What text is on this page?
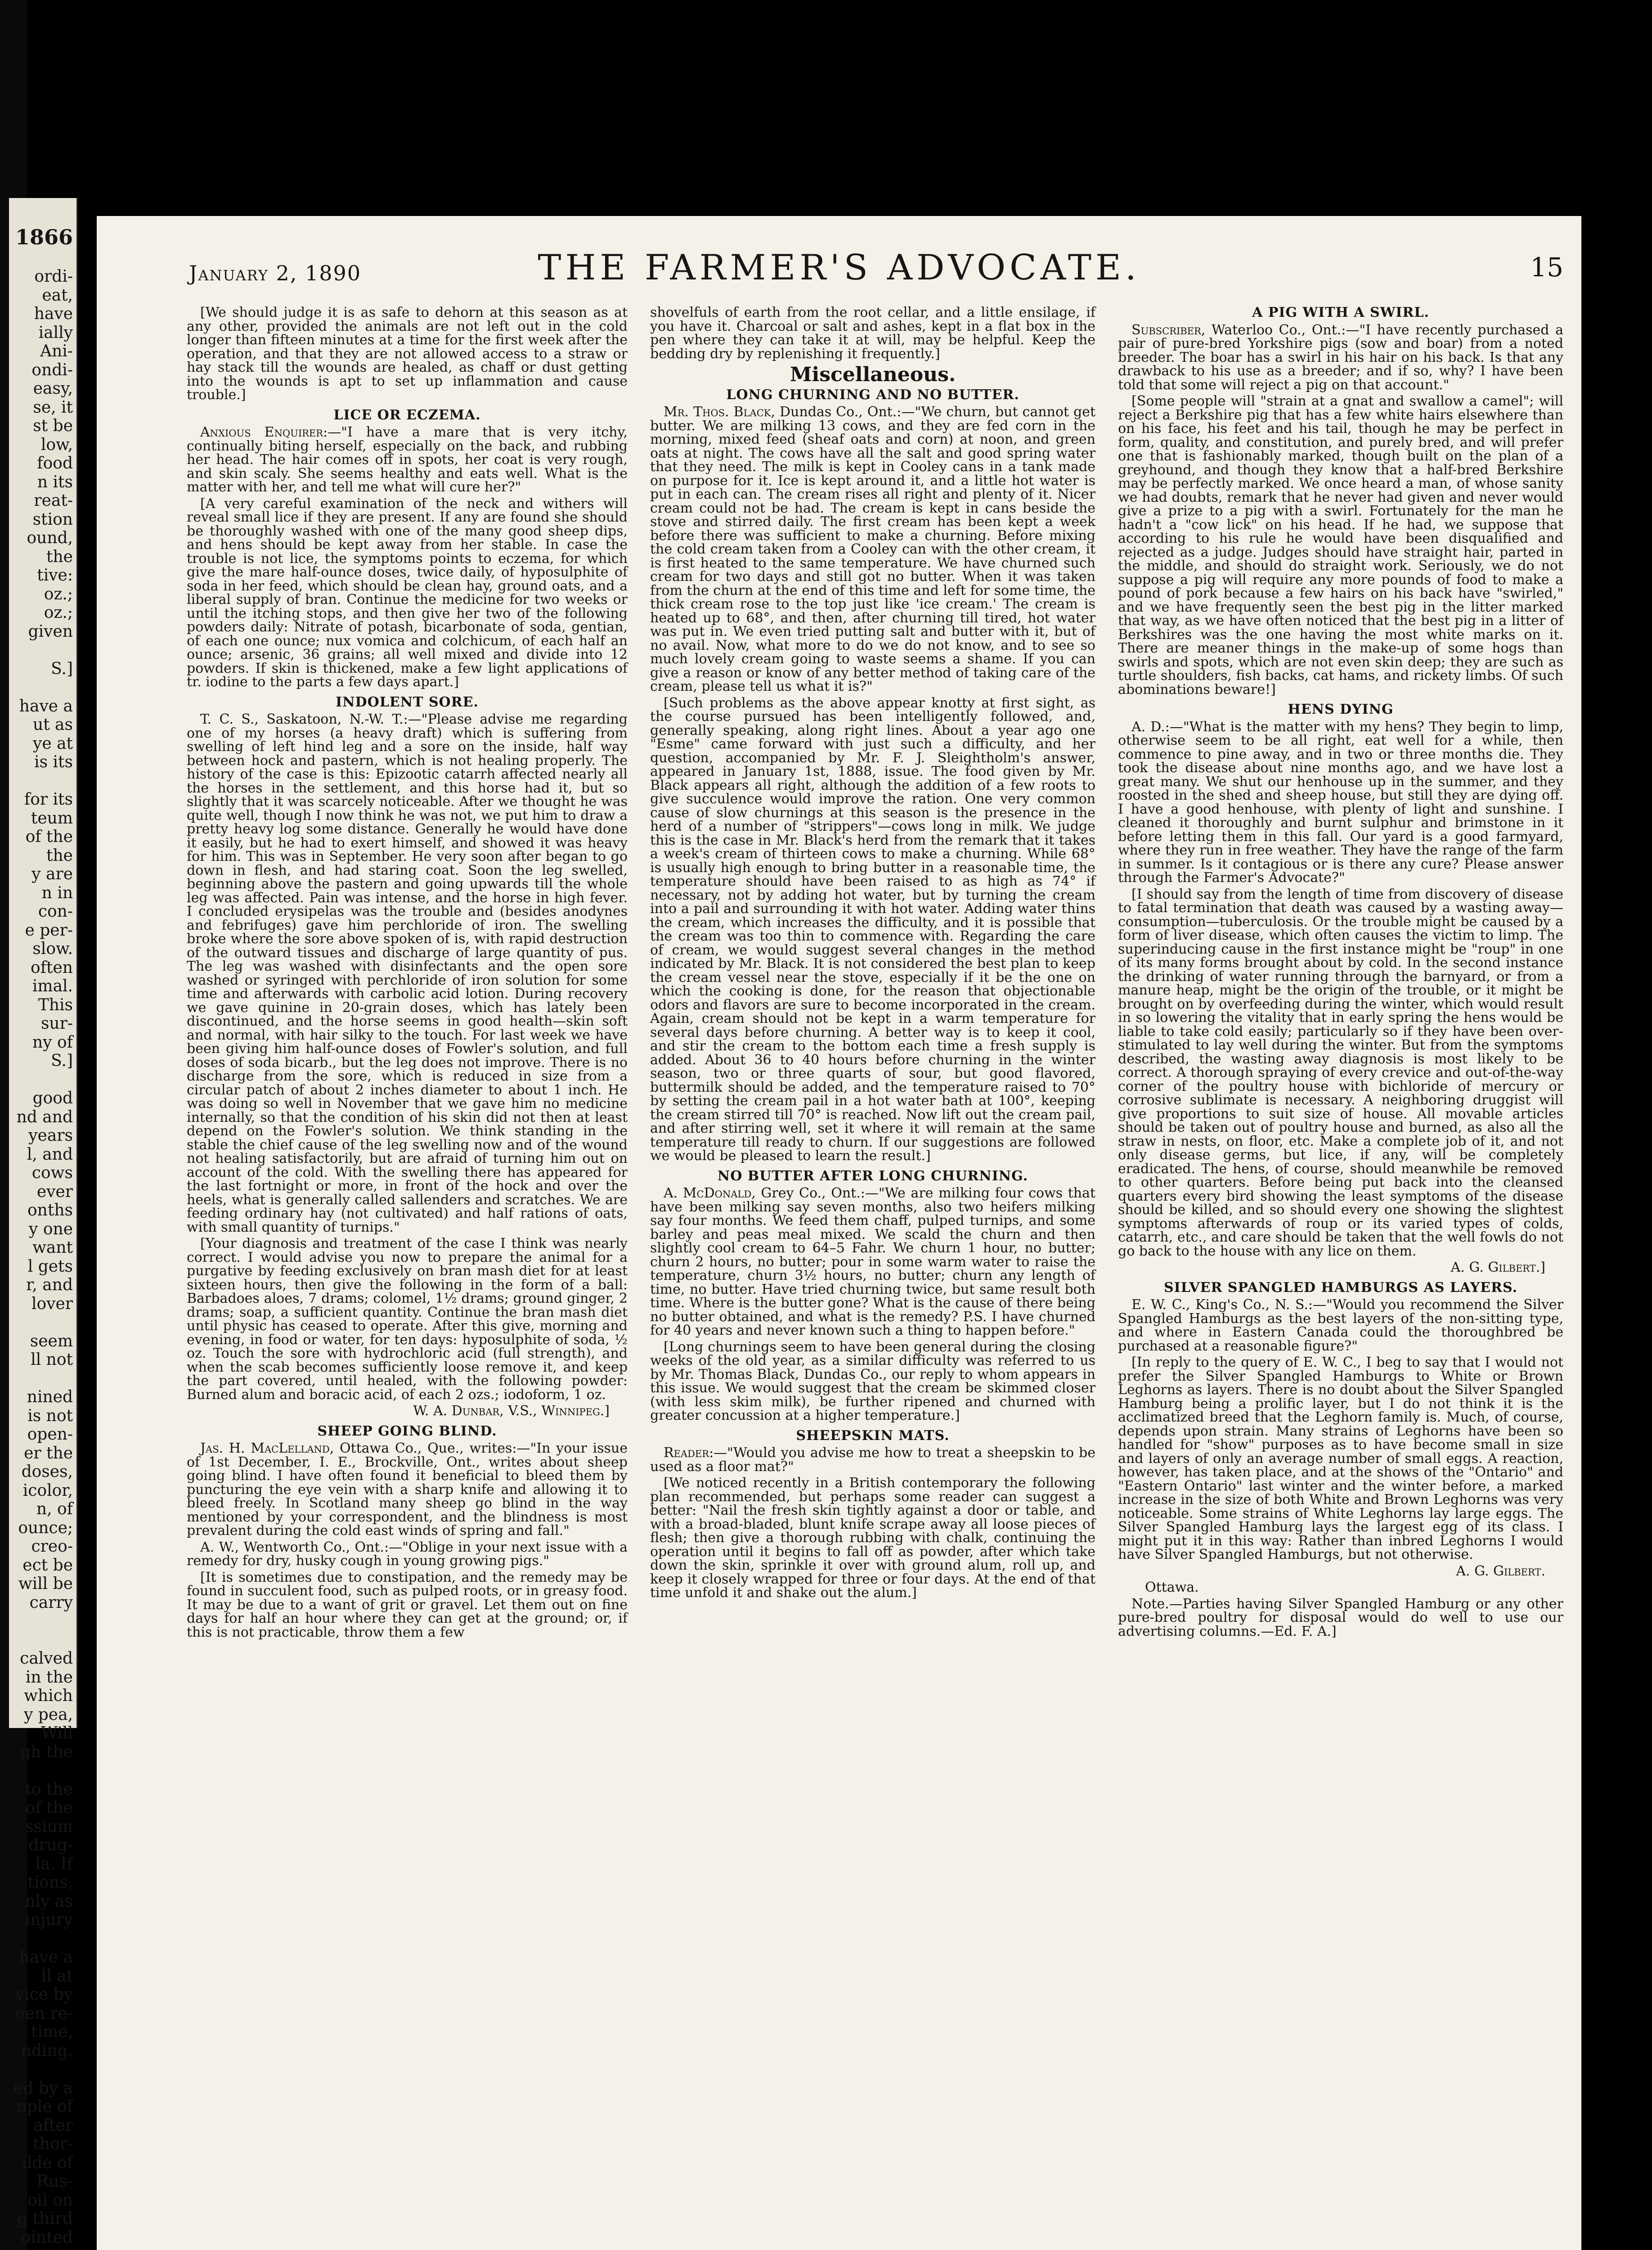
1866
ordi-
eat,
have
ially
Ani-
ondi-
easy,
se, it
st be
low,
food
n its
reat-
stion
ound,
the
tive:
oz.;
oz.;
given

S.]

have a
ut as
ye at
is its

for its
teum
of the
the
y are
n in
con-
e per-
slow.
often
imal.
This
sur-
ny of
S.]

good
nd and
years
l, and
cows
ever
onths
y one
want
l gets
r, and
lover

seem
ll not

nined
is not
open-
er the
doses,
icolor,
n, of
ounce;
creo-
ect be
will be
carry

calved
in the
which
y pea,
Will
gh the

to the
of the
ssium
drug-
la. If
tions,
nly as
injury

have a
ll at
vice by
een re-
time,
nding.

ed by a
nple of
after
thor-
ilde of
Rus-
oil on
g third
ointed

January 2, 1890	THE FARMER'S ADVOCATE.	15

[We should judge it is as safe to dehorn at this season as at any other, provided the animals are not left out in the cold longer than fifteen minutes at a time for the first week after the operation, and that they are not allowed access to a straw or hay stack till the wounds are healed, as chaff or dust getting into the wounds is apt to set up inflammation and cause trouble.]

LICE OR ECZEMA.

Anxious Enquirer:—"I have a mare that is very itchy, continually biting herself, especially on the back, and rubbing her head. The hair comes off in spots, her coat is very rough, and skin scaly. She seems healthy and eats well. What is the matter with her, and tell me what will cure her?"

[A very careful examination of the neck and withers will reveal small lice if they are present. If any are found she should be thoroughly washed with one of the many good sheep dips, and hens should be kept away from her stable. In case the trouble is not lice, the symptoms points to eczema, for which give the mare half-ounce doses, twice daily, of hyposulphite of soda in her feed, which should be clean hay, ground oats, and a liberal supply of bran. Continue the medicine for two weeks or until the itching stops, and then give her two of the following powders daily: Nitrate of potash, bicarbonate of soda, gentian, of each one ounce; nux vomica and colchicum, of each half an ounce; arsenic, 36 grains; all well mixed and divide into 12 powders. If skin is thickened, make a few light applications of tr. iodine to the parts a few days apart.]

INDOLENT SORE.

T. C. S., Saskatoon, N.-W. T.:—"Please advise me regarding one of my horses (a heavy draft) which is suffering from swelling of left hind leg and a sore on the inside, half way between hock and pastern, which is not healing properly. The history of the case is this: Epizootic catarrh affected nearly all the horses in the settlement, and this horse had it, but so slightly that it was scarcely noticeable. After we thought he was quite well, though I now think he was not, we put him to draw a pretty heavy log some distance. Generally he would have done it easily, but he had to exert himself, and showed it was heavy for him. This was in September. He very soon after began to go down in flesh, and had staring coat. Soon the leg swelled, beginning above the pastern and going upwards till the whole leg was affected. Pain was intense, and the horse in high fever. I concluded erysipelas was the trouble and (besides anodynes and febrifuges) gave him perchloride of iron. The swelling broke where the sore above spoken of is, with rapid destruction of the outward tissues and discharge of large quantity of pus. The leg was washed with disinfectants and the open sore washed or syringed with perchloride of iron solution for some time and afterwards with carbolic acid lotion. During recovery we gave quinine in 20-grain doses, which has lately been discontinued, and the horse seems in good health—skin soft and normal, with hair silky to the touch. For last week we have been giving him half-ounce doses of Fowler's solution, and full doses of soda bicarb., but the leg does not improve. There is no discharge from the sore, which is reduced in size from a circular patch of about 2 inches diameter to about 1 inch. He was doing so well in November that we gave him no medicine internally, so that the condition of his skin did not then at least depend on the Fowler's solution. We think standing in the stable the chief cause of the leg swelling now and of the wound not healing satisfactorily, but are afraid of turning him out on account of the cold. With the swelling there has appeared for the last fortnight or more, in front of the hock and over the heels, what is generally called sallenders and scratches. We are feeding ordinary hay (not cultivated) and half rations of oats, with small quantity of turnips."

[Your diagnosis and treatment of the case I think was nearly correct. I would advise you now to prepare the animal for a purgative by feeding exclusively on bran mash diet for at least sixteen hours, then give the following in the form of a ball: Barbadoes aloes, 7 drams; colomel, 1½ drams; ground ginger, 2 drams; soap, a sufficient quantity. Continue the bran mash diet until physic has ceased to operate. After this give, morning and evening, in food or water, for ten days: hyposulphite of soda, ½ oz. Touch the sore with hydrochloric acid (full strength), and when the scab becomes sufficiently loose remove it, and keep the part covered, until healed, with the following powder: Burned alum and boracic acid, of each 2 ozs.; iodoform, 1 oz.

W. A. Dunbar, V.S., Winnipeg.]

SHEEP GOING BLIND.

Jas. H. MacLelland, Ottawa Co., Que., writes:—"In your issue of 1st December, I. E., Brockville, Ont., writes about sheep going blind. I have often found it beneficial to bleed them by puncturing the eye vein with a sharp knife and allowing it to bleed freely. In Scotland many sheep go blind in the way mentioned by your correspondent, and the blindness is most prevalent during the cold east winds of spring and fall."

A. W., Wentworth Co., Ont.:—"Oblige in your next issue with a remedy for dry, husky cough in young growing pigs."

[It is sometimes due to constipation, and the remedy may be found in succulent food, such as pulped roots, or in greasy food. It may be due to a want of grit or gravel. Let them out on fine days for half an hour where they can get at the ground; or, if this is not practicable, throw them a few

shovelfuls of earth from the root cellar, and a little ensilage, if you have it. Charcoal or salt and ashes, kept in a flat box in the pen where they can take it at will, may be helpful. Keep the bedding dry by replenishing it frequently.]

Miscellaneous.
LONG CHURNING AND NO BUTTER.

Mr. Thos. Black, Dundas Co., Ont.:—"We churn, but cannot get butter. We are milking 13 cows, and they are fed corn in the morning, mixed feed (sheaf oats and corn) at noon, and green oats at night. The cows have all the salt and good spring water that they need. The milk is kept in Cooley cans in a tank made on purpose for it. Ice is kept around it, and a little hot water is put in each can. The cream rises all right and plenty of it. Nicer cream could not be had. The cream is kept in cans beside the stove and stirred daily. The first cream has been kept a week before there was sufficient to make a churning. Before mixing the cold cream taken from a Cooley can with the other cream, it is first heated to the same temperature. We have churned such cream for two days and still got no butter. When it was taken from the churn at the end of this time and left for some time, the thick cream rose to the top just like 'ice cream.' The cream is heated up to 68°, and then, after churning till tired, hot water was put in. We even tried putting salt and butter with it, but of no avail. Now, what more to do we do not know, and to see so much lovely cream going to waste seems a shame. If you can give a reason or know of any better method of taking care of the cream, please tell us what it is?"

[Such problems as the above appear knotty at first sight, as the course pursued has been intelligently followed, and, generally speaking, along right lines. About a year ago one "Esme" came forward with just such a difficulty, and her question, accompanied by Mr. F. J. Sleightholm's answer, appeared in January 1st, 1888, issue. The food given by Mr. Black appears all right, although the addition of a few roots to give succulence would improve the ration. One very common cause of slow churnings at this season is the presence in the herd of a number of "strippers"—cows long in milk. We judge this is the case in Mr. Black's herd from the remark that it takes a week's cream of thirteen cows to make a churning. While 68° is usually high enough to bring butter in a reasonable time, the temperature should have been raised to as high as 74° if necessary, not by adding hot water, but by turning the cream into a pail and surrounding it with hot water. Adding water thins the cream, which increases the difficulty, and it is possible that the cream was too thin to commence with. Regarding the care of cream, we would suggest several changes in the method indicated by Mr. Black. It is not considered the best plan to keep the cream vessel near the stove, especially if it be the one on which the cooking is done, for the reason that objectionable odors and flavors are sure to become incorporated in the cream. Again, cream should not be kept in a warm temperature for several days before churning. A better way is to keep it cool, and stir the cream to the bottom each time a fresh supply is added. About 36 to 40 hours before churning in the winter season, two or three quarts of sour, but good flavored, buttermilk should be added, and the temperature raised to 70° by setting the cream pail in a hot water bath at 100°, keeping the cream stirred till 70° is reached. Now lift out the cream pail, and after stirring well, set it where it will remain at the same temperature till ready to churn. If our suggestions are followed we would be pleased to learn the result.]

NO BUTTER AFTER LONG CHURNING.

A. McDonald, Grey Co., Ont.:—"We are milking four cows that have been milking say seven months, also two heifers milking say four months. We feed them chaff, pulped turnips, and some barley and peas meal mixed. We scald the churn and then slightly cool cream to 64–5 Fahr. We churn 1 hour, no butter; churn 2 hours, no butter; pour in some warm water to raise the temperature, churn 3½ hours, no butter; churn any length of time, no butter. Have tried churning twice, but same result both time. Where is the butter gone? What is the cause of there being no butter obtained, and what is the remedy? P.S. I have churned for 40 years and never known such a thing to happen before."

[Long churnings seem to have been general during the closing weeks of the old year, as a similar difficulty was referred to us by Mr. Thomas Black, Dundas Co., our reply to whom appears in this issue. We would suggest that the cream be skimmed closer (with less skim milk), be further ripened and churned with greater concussion at a higher temperature.]

SHEEPSKIN MATS.

Reader:—"Would you advise me how to treat a sheepskin to be used as a floor mat?"

[We noticed recently in a British contemporary the following plan recommended, but perhaps some reader can suggest a better: "Nail the fresh skin tightly against a door or table, and with a broad-bladed, blunt knife scrape away all loose pieces of flesh; then give a thorough rubbing with chalk, continuing the operation until it begins to fall off as powder, after which take down the skin, sprinkle it over with ground alum, roll up, and keep it closely wrapped for three or four days. At the end of that time unfold it and shake out the alum.]

A PIG WITH A SWIRL.

Subscriber, Waterloo Co., Ont.:—"I have recently purchased a pair of pure-bred Yorkshire pigs (sow and boar) from a noted breeder. The boar has a swirl in his hair on his back. Is that any drawback to his use as a breeder; and if so, why? I have been told that some will reject a pig on that account."

[Some people will "strain at a gnat and swallow a camel"; will reject a Berkshire pig that has a few white hairs elsewhere than on his face, his feet and his tail, though he may be perfect in form, quality, and constitution, and purely bred, and will prefer one that is fashionably marked, though built on the plan of a greyhound, and though they know that a half-bred Berkshire may be perfectly marked. We once heard a man, of whose sanity we had doubts, remark that he never had given and never would give a prize to a pig with a swirl. Fortunately for the man he hadn't a "cow lick" on his head. If he had, we suppose that according to his rule he would have been disqualified and rejected as a judge. Judges should have straight hair, parted in the middle, and should do straight work. Seriously, we do not suppose a pig will require any more pounds of food to make a pound of pork because a few hairs on his back have "swirled," and we have frequently seen the best pig in the litter marked that way, as we have often noticed that the best pig in a litter of Berkshires was the one having the most white marks on it. There are meaner things in the make-up of some hogs than swirls and spots, which are not even skin deep; they are such as turtle shoulders, fish backs, cat hams, and rickety limbs. Of such abominations beware!]

HENS DYING

A. D.:—"What is the matter with my hens? They begin to limp, otherwise seem to be all right, eat well for a while, then commence to pine away, and in two or three months die. They took the disease about nine months ago, and we have lost a great many. We shut our henhouse up in the summer, and they roosted in the shed and sheep house, but still they are dying off. I have a good henhouse, with plenty of light and sunshine. I cleaned it thoroughly and burnt sulphur and brimstone in it before letting them in this fall. Our yard is a good farmyard, where they run in free weather. They have the range of the farm in summer. Is it contagious or is there any cure? Please answer through the Farmer's Advocate?"

[I should say from the length of time from discovery of disease to fatal termination that death was caused by a wasting away—consumption—tuberculosis. Or the trouble might be caused by a form of liver disease, which often causes the victim to limp. The superinducing cause in the first instance might be "roup" in one of its many forms brought about by cold. In the second instance the drinking of water running through the barnyard, or from a manure heap, might be the origin of the trouble, or it might be brought on by overfeeding during the winter, which would result in so lowering the vitality that in early spring the hens would be liable to take cold easily; particularly so if they have been over-stimulated to lay well during the winter. But from the symptoms described, the wasting away diagnosis is most likely to be correct. A thorough spraying of every crevice and out-of-the-way corner of the poultry house with bichloride of mercury or corrosive sublimate is necessary. A neighboring druggist will give proportions to suit size of house. All movable articles should be taken out of poultry house and burned, as also all the straw in nests, on floor, etc. Make a complete job of it, and not only disease germs, but lice, if any, will be completely eradicated. The hens, of course, should meanwhile be removed to other quarters. Before being put back into the cleansed quarters every bird showing the least symptoms of the disease should be killed, and so should every one showing the slightest symptoms afterwards of roup or its varied types of colds, catarrh, etc., and care should be taken that the well fowls do not go back to the house with any lice on them.

A. G. Gilbert.]

SILVER SPANGLED HAMBURGS AS LAYERS.

E. W. C., King's Co., N. S.:—"Would you recommend the Silver Spangled Hamburgs as the best layers of the non-sitting type, and where in Eastern Canada could the thoroughbred be purchased at a reasonable figure?"

[In reply to the query of E. W. C., I beg to say that I would not prefer the Silver Spangled Hamburgs to White or Brown Leghorns as layers. There is no doubt about the Silver Spangled Hamburg being a prolific layer, but I do not think it is the acclimatized breed that the Leghorn family is. Much, of course, depends upon strain. Many strains of Leghorns have been so handled for "show" purposes as to have become small in size and layers of only an average number of small eggs. A reaction, however, has taken place, and at the shows of the "Ontario" and "Eastern Ontario" last winter and the winter before, a marked increase in the size of both White and Brown Leghorns was very noticeable. Some strains of White Leghorns lay large eggs. The Silver Spangled Hamburg lays the largest egg of its class. I might put it in this way: Rather than inbred Leghorns I would have Silver Spangled Hamburgs, but not otherwise.

A. G. Gilbert.

Ottawa.

Note.—Parties having Silver Spangled Hamburg or any other pure-bred poultry for disposal would do well to use our advertising columns.—Ed. F. A.]
